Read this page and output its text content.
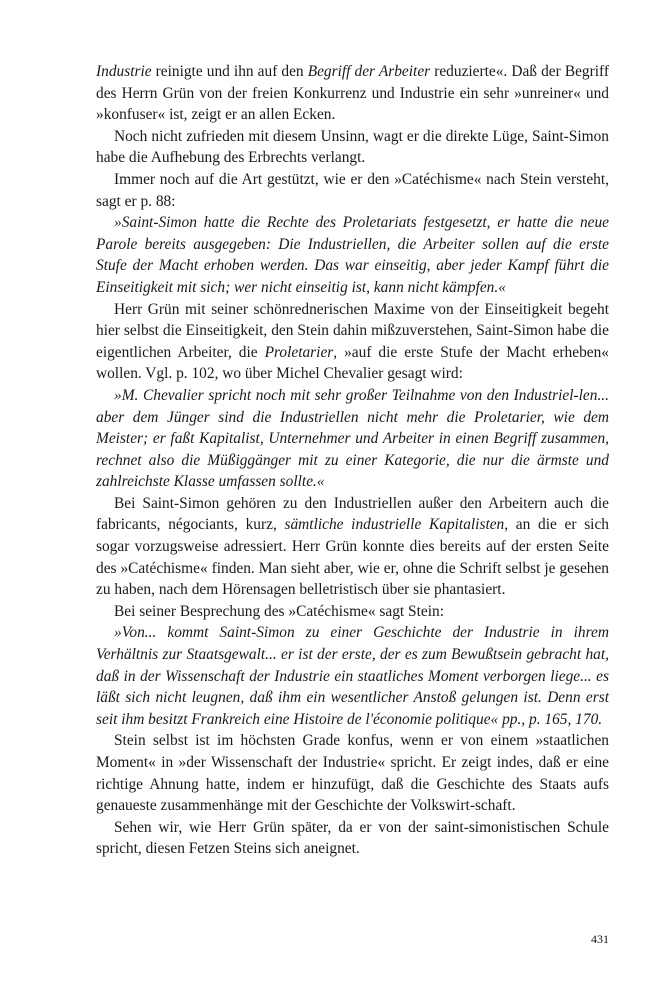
Industrie reinigte und ihn auf den Begriff der Arbeiter reduzierte«. Daß der Begriff des Herrn Grün von der freien Konkurrenz und Industrie ein sehr »unreiner« und »konfuser« ist, zeigt er an allen Ecken.

Noch nicht zufrieden mit diesem Unsinn, wagt er die direkte Lüge, Saint-Simon habe die Aufhebung des Erbrechts verlangt.

Immer noch auf die Art gestützt, wie er den »Catéchisme« nach Stein versteht, sagt er p. 88:

»Saint-Simon hatte die Rechte des Proletariats festgesetzt, er hatte die neue Parole bereits ausgegeben: Die Industriellen, die Arbeiter sollen auf die erste Stufe der Macht erhoben werden. Das war einseitig, aber jeder Kampf führt die Einseitigkeit mit sich; wer nicht einseitig ist, kann nicht kämpfen.«

Herr Grün mit seiner schönrednerischen Maxime von der Einseitigkeit begeht hier selbst die Einseitigkeit, den Stein dahin mißzuverstehen, Saint-Simon habe die eigentlichen Arbeiter, die Proletarier, »auf die erste Stufe der Macht erheben« wollen. Vgl. p. 102, wo über Michel Chevalier gesagt wird:

»M. Chevalier spricht noch mit sehr großer Teilnahme von den Industriel-len... aber dem Jünger sind die Industriellen nicht mehr die Proletarier, wie dem Meister; er faßt Kapitalist, Unternehmer und Arbeiter in einen Begriff zusammen, rechnet also die Müßiggänger mit zu einer Kategorie, die nur die ärmste und zahlreichste Klasse umfassen sollte.«

Bei Saint-Simon gehören zu den Industriellen außer den Arbeitern auch die fabricants, négociants, kurz, sämtliche industrielle Kapitalisten, an die er sich sogar vorzugsweise adressiert. Herr Grün konnte dies bereits auf der ersten Seite des »Catéchisme« finden. Man sieht aber, wie er, ohne die Schrift selbst je gesehen zu haben, nach dem Hörensagen belletristisch über sie phantasiert.

Bei seiner Besprechung des »Catéchisme« sagt Stein:

»Von... kommt Saint-Simon zu einer Geschichte der Industrie in ihrem Verhältnis zur Staatsgewalt... er ist der erste, der es zum Bewußtsein gebracht hat, daß in der Wissenschaft der Industrie ein staatliches Moment verborgen liege... es läßt sich nicht leugnen, daß ihm ein wesentlicher Anstoß gelungen ist. Denn erst seit ihm besitzt Frankreich eine Histoire de l'économie politique« pp., p. 165, 170.

Stein selbst ist im höchsten Grade konfus, wenn er von einem »staatlichen Moment« in »der Wissenschaft der Industrie« spricht. Er zeigt indes, daß er eine richtige Ahnung hatte, indem er hinzufügt, daß die Geschichte des Staats aufs genaueste zusammenhänge mit der Geschichte der Volkswirt-schaft.

Sehen wir, wie Herr Grün später, da er von der saint-simonistischen Schule spricht, diesen Fetzen Steins sich aneignet.

431
